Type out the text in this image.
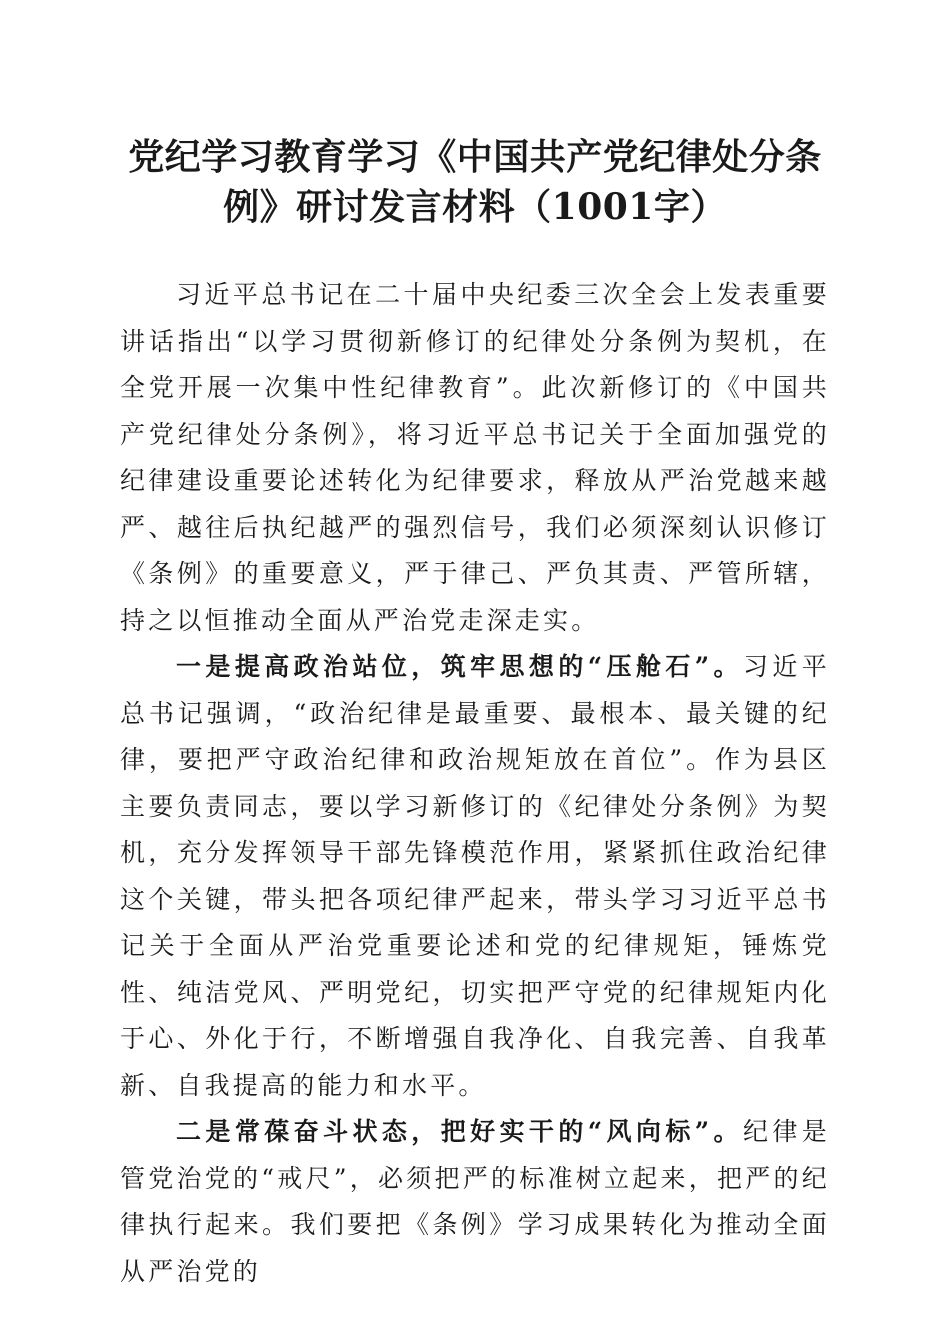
党纪学习教育学习《中国共产党纪律处分条
例》研讨发言材料（1001字）

习近平总书记在二十届中央纪委三次全会上发表重要讲话指出“以学习贯彻新修订的纪律处分条例为契机，在全党开展一次集中性纪律教育”。此次新修订的《中国共产党纪律处分条例》，将习近平总书记关于全面加强党的纪律建设重要论述转化为纪律要求，释放从严治党越来越严、越往后执纪越严的强烈信号，我们必须深刻认识修订《条例》的重要意义，严于律己、严负其责、严管所辖，持之以恒推动全面从严治党走深走实。

一是提高政治站位，筑牢思想的“压舱石”。习近平总书记强调，“政治纪律是最重要、最根本、最关键的纪律，要把严守政治纪律和政治规矩放在首位”。作为县区主要负责同志，要以学习新修订的《纪律处分条例》为契机，充分发挥领导干部先锋模范作用，紧紧抓住政治纪律这个关键，带头把各项纪律严起来，带头学习习近平总书记关于全面从严治党重要论述和党的纪律规矩，锤炼党性、纯洁党风、严明党纪，切实把严守党的纪律规矩内化于心、外化于行，不断增强自我净化、自我完善、自我革新、自我提高的能力和水平。

二是常葆奋斗状态，把好实干的“风向标”。纪律是管党治党的“戒尺”，必须把严的标准树立起来，把严的纪律执行起来。我们要把《条例》学习成果转化为推动全面从严治党的
